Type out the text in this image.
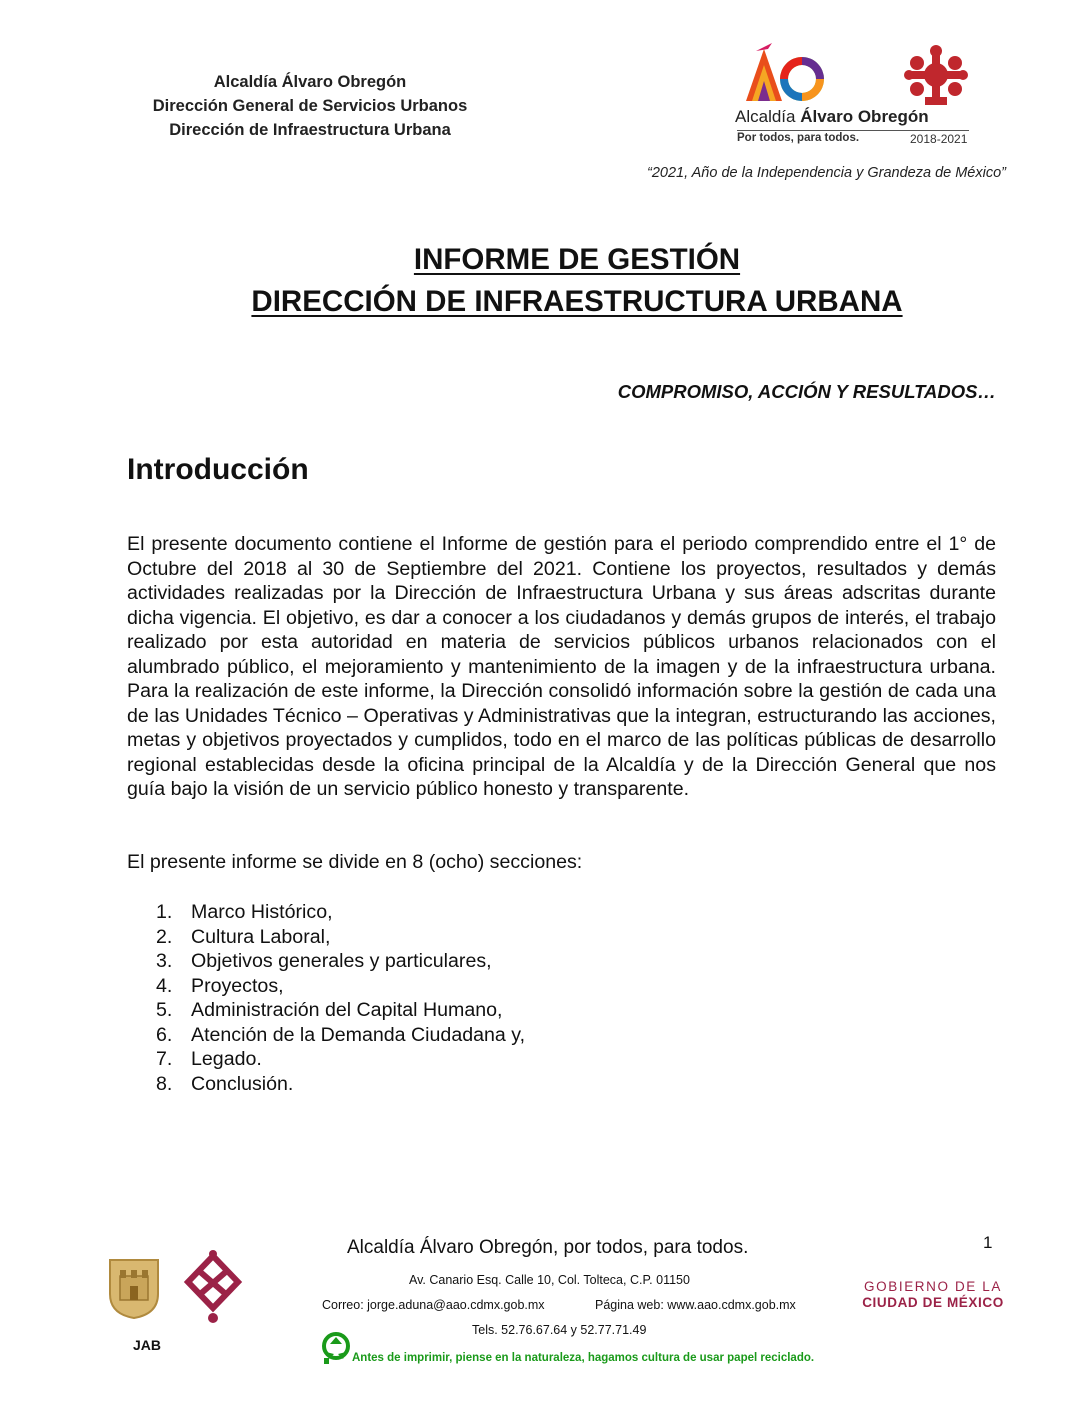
Alcaldía Álvaro Obregón
Dirección General de Servicios Urbanos
Dirección de Infraestructura Urbana
Alcaldía Álvaro Obregón
Por todos, para todos.	2018-2021
“2021, Año de la Independencia y Grandeza de México”
INFORME DE GESTIÓN
DIRECCIÓN DE INFRAESTRUCTURA URBANA
COMPROMISO, ACCIÓN Y RESULTADOS…
Introducción
El presente documento contiene el Informe de gestión para el periodo comprendido entre el 1° de Octubre del 2018 al 30 de Septiembre del 2021. Contiene los proyectos, resultados y demás actividades realizadas por la Dirección de Infraestructura Urbana y sus áreas adscritas durante dicha vigencia. El objetivo, es dar a conocer a los ciudadanos y demás grupos de interés, el trabajo realizado por esta autoridad en materia de servicios públicos urbanos relacionados con el alumbrado público, el mejoramiento y mantenimiento de la imagen y de la infraestructura urbana. Para la realización de este informe, la Dirección consolidó información sobre la gestión de cada una de las Unidades Técnico – Operativas y Administrativas que la integran, estructurando las acciones, metas y objetivos proyectados y cumplidos, todo en el marco de las políticas públicas de desarrollo regional establecidas desde la oficina principal de la Alcaldía y de la Dirección General que nos guía bajo la visión de un servicio público honesto y transparente.
El presente informe se divide en 8 (ocho) secciones:
1. Marco Histórico,
2. Cultura Laboral,
3. Objetivos generales y particulares,
4. Proyectos,
5. Administración del Capital Humano,
6. Atención de la Demanda Ciudadana y,
7. Legado.
8. Conclusión.
1
Alcaldía Álvaro Obregón, por todos, para todos.
Av. Canario Esq. Calle 10, Col. Tolteca, C.P. 01150
Correo: jorge.aduna@aao.cdmx.gob.mx	Página web: www.aao.cdmx.gob.mx
Tels. 52.76.67.64 y 52.77.71.49
Antes de imprimir, piense en la naturaleza, hagamos cultura de usar papel reciclado.
JAB
GOBIERNO DE LA
CIUDAD DE MÉXICO
